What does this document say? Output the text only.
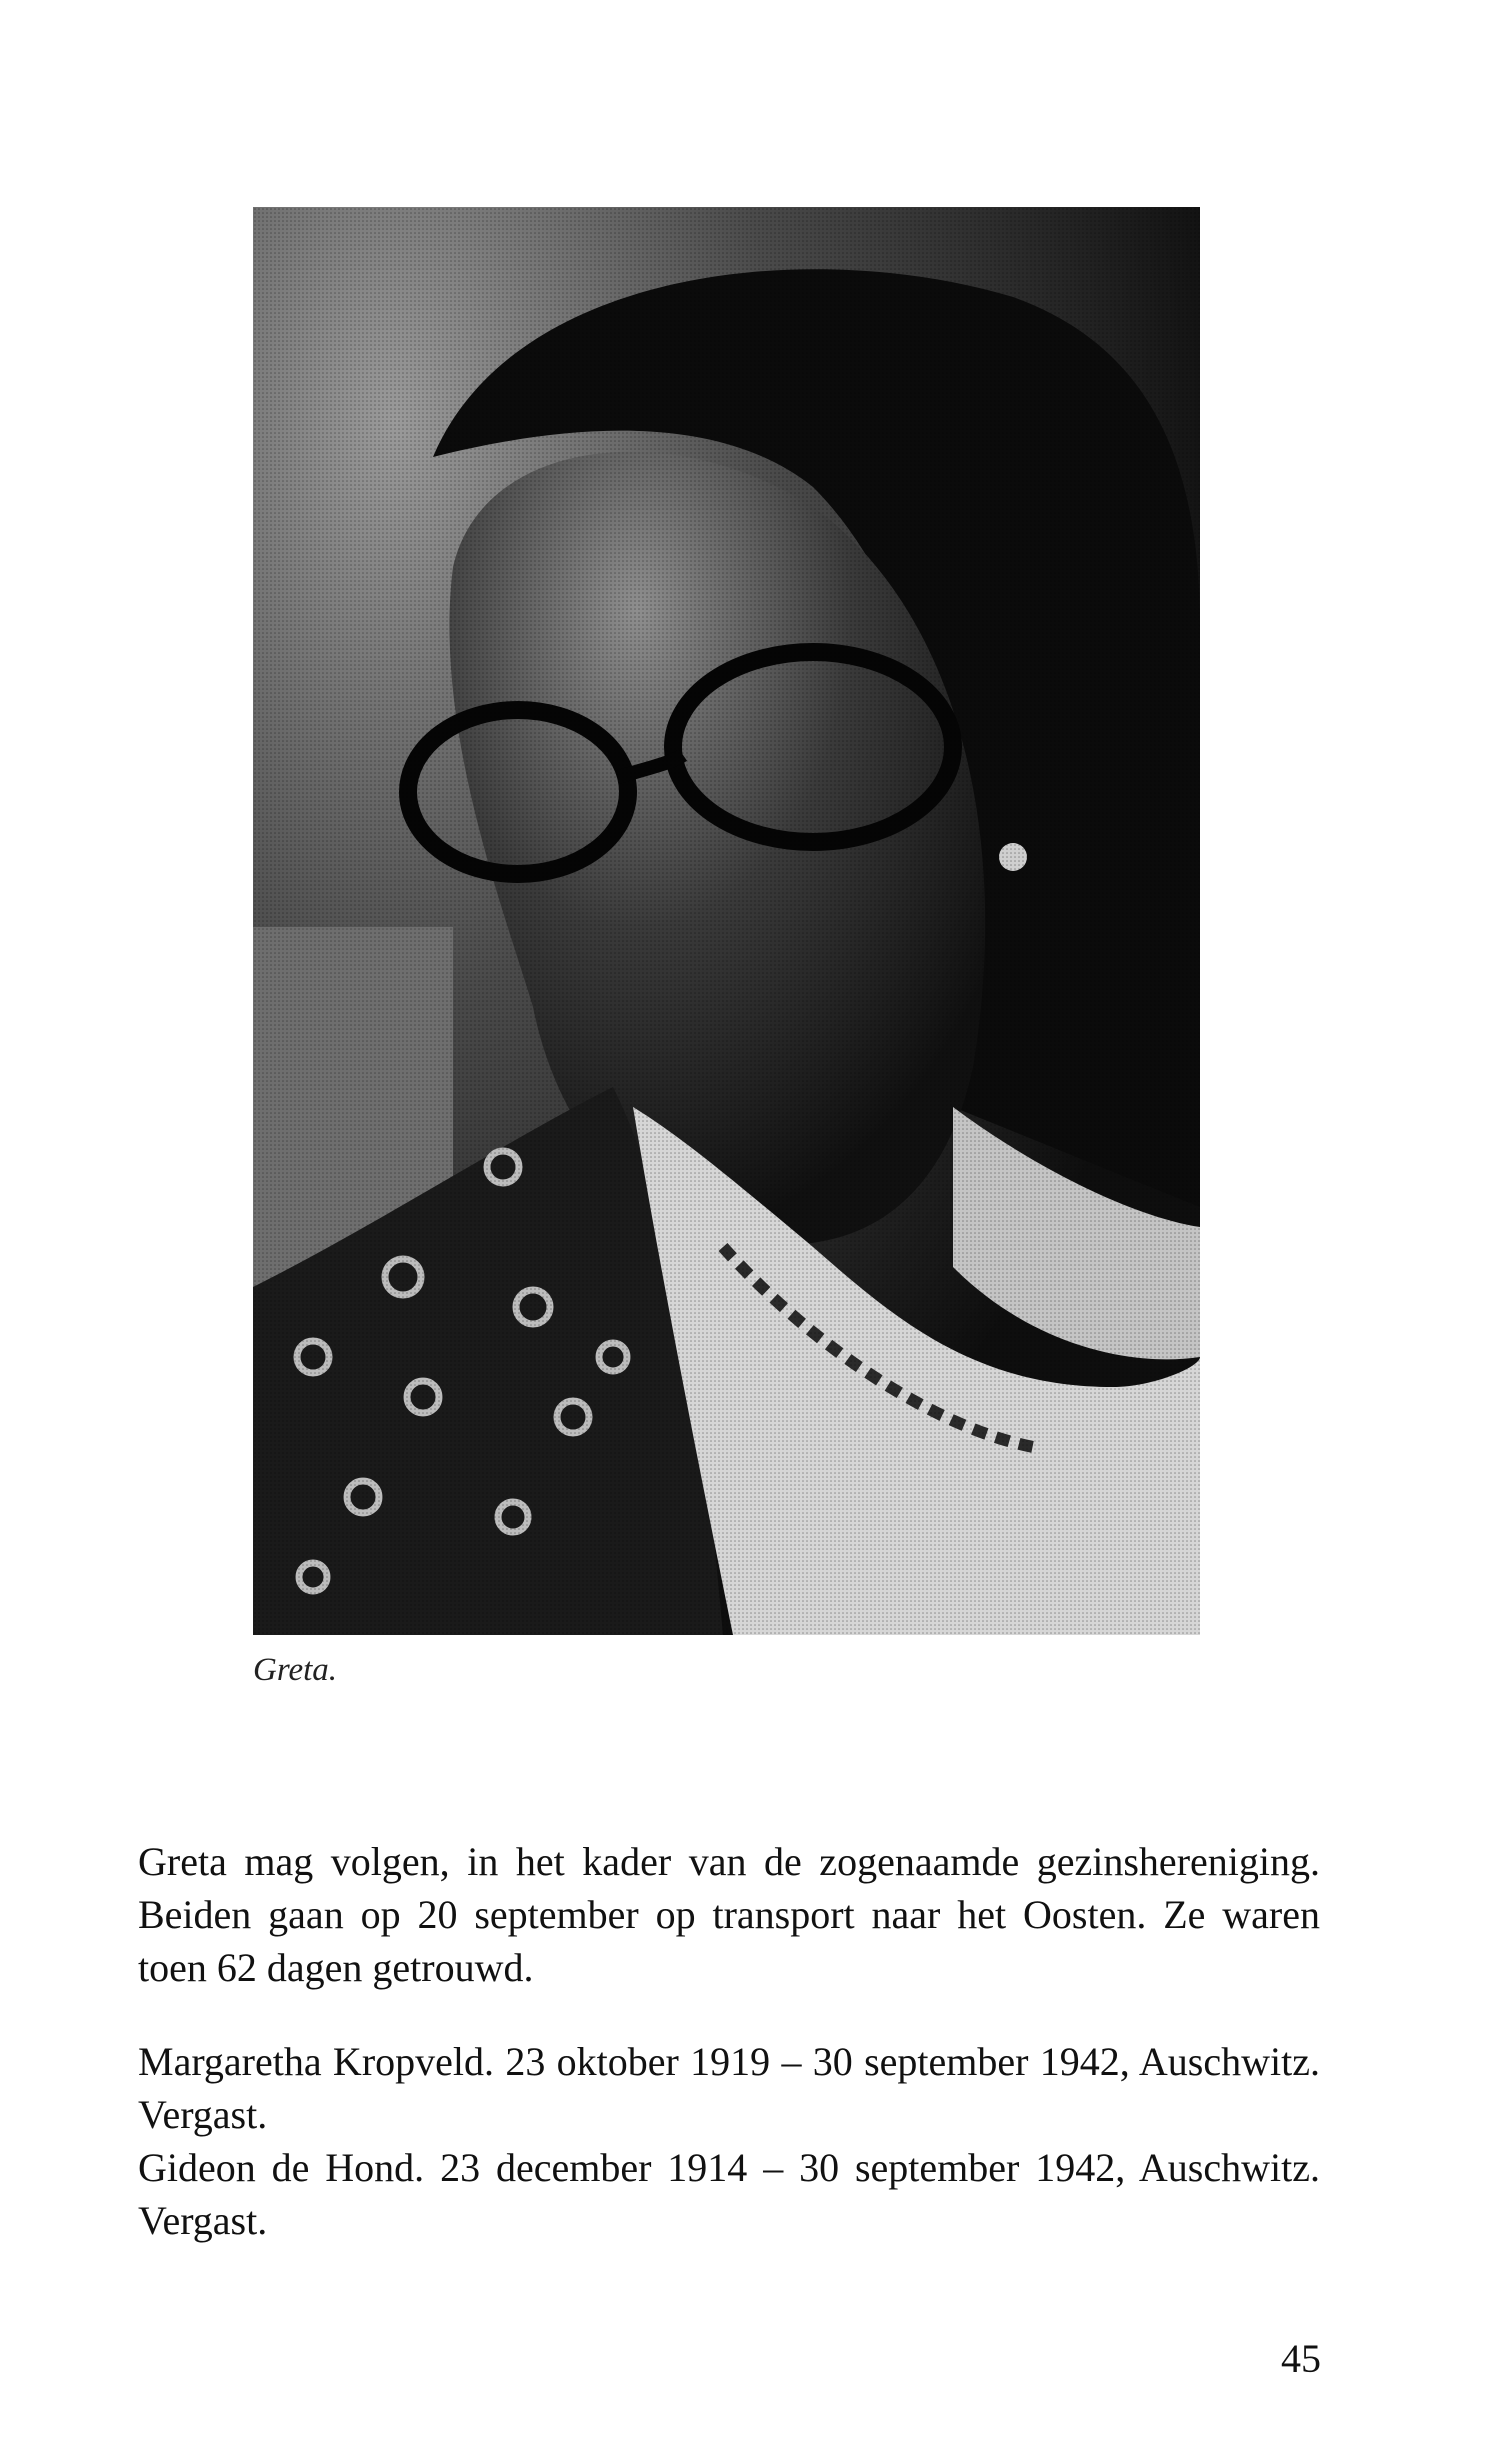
Greta.
Greta mag volgen, in het kader van de zogenaamde gezinshereniging. Beiden gaan op 20 september op transport naar het Oosten. Ze waren toen 62 dagen getrouwd.

Margaretha Kropveld. 23 oktober 1919 – 30 september 1942, Auschwitz. Vergast.

Gideon de Hond. 23 december 1914 – 30 september 1942, Auschwitz. Vergast.

45
